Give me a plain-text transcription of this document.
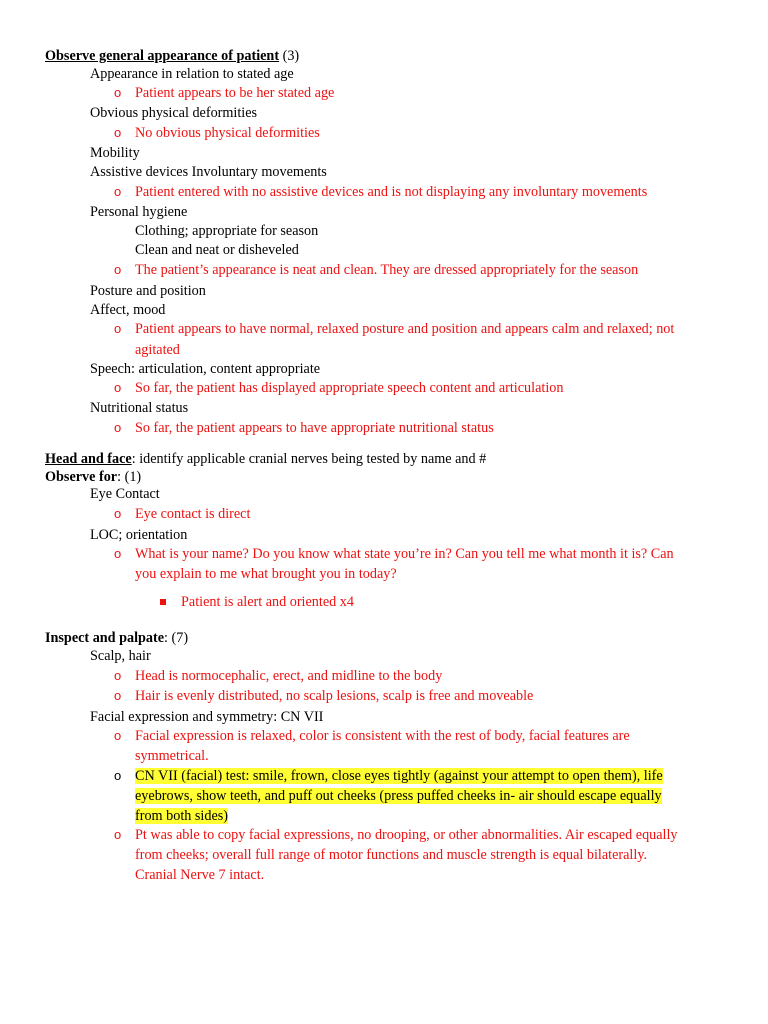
Observe general appearance of patient (3)
Appearance in relation to stated age
o Patient appears to be her stated age
Obvious physical deformities
o No obvious physical deformities
Mobility
Assistive devices Involuntary movements
o Patient entered with no assistive devices and is not displaying any involuntary movements
Personal hygiene
Clothing; appropriate for season
Clean and neat or disheveled
o The patient’s appearance is neat and clean. They are dressed appropriately for the season
Posture and position
Affect, mood
o Patient appears to have normal, relaxed posture and position and appears calm and relaxed; not
agitated
Speech: articulation, content appropriate
o So far, the patient has displayed appropriate speech content and articulation
Nutritional status
o So far, the patient appears to have appropriate nutritional status
Head and face: identify applicable cranial nerves being tested by name and #
Observe for: (1)
Eye Contact
o Eye contact is direct
LOC; orientation
o What is your name? Do you know what state you’re in? Can you tell me what month it is? Can
you explain to me what brought you in today?
Patient is alert and oriented x4
Inspect and palpate: (7)
Scalp, hair
o Head is normocephalic, erect, and midline to the body
o Hair is evenly distributed, no scalp lesions, scalp is free and moveable
Facial expression and symmetry: CN VII
o Facial expression is relaxed, color is consistent with the rest of body, facial features are
symmetrical.
o CN VII (facial) test: smile, frown, close eyes tightly (against your attempt to open them), life
eyebrows, show teeth, and puff out cheeks (press puffed cheeks in- air should escape equally
from both sides)
o Pt was able to copy facial expressions, no drooping, or other abnormalities. Air escaped equally
from cheeks; overall full range of motor functions and muscle strength is equal bilaterally.
Cranial Nerve 7 intact.
